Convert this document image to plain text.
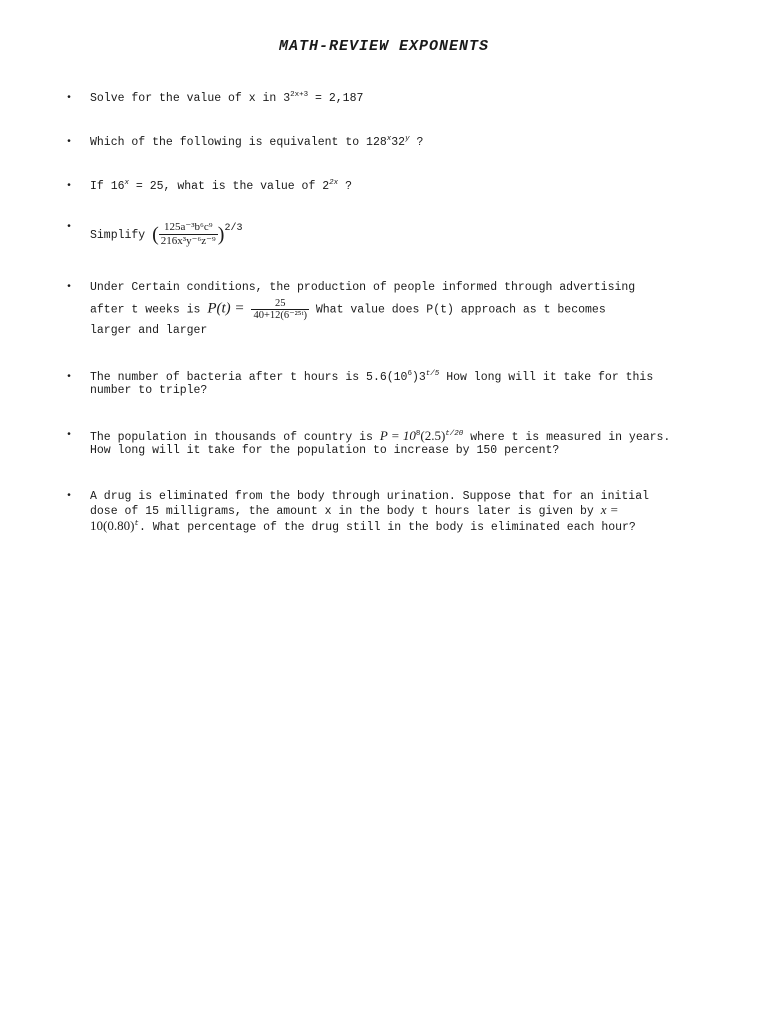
MATH-REVIEW EXPONENTS
• Solve for the value of x in $3^{2x+3} = 2,187$
• Which of the following is equivalent to 128$^x$32$^y$ ?
• If $16^x = 25$, what is the value of $2^{2x}$ ?
•
Simplify ( $\frac{\text{125a⁻³b⁶c⁹}}{\text{216x³y⁻⁶z⁻⁹}} )^{2/3}$
• Under Certain conditions, the production of people informed through advertising
after t weeks is $P(t) = \frac{25}{\text{40+12(6⁻²⁵ᵗ)}}$ What value does P(t) approach as t becomes
larger and larger
• The number of bacteria after t hours is $5.6(10^6)3^{t/5}$ How long will it take for this
number to triple?
• The population in thousands of country is $P = 10^8(2.5)^{t/20}$ where t is measured in years.
How long will it take for the population to increase by 150 percent?
• A drug is eliminated from the body through urination. Suppose that for an initial
dose of 15 milligrams, the amount x in the body t hours later is given by x =
$10(0.80)^t$. What percentage of the drug still in the body is eliminated each hour?
